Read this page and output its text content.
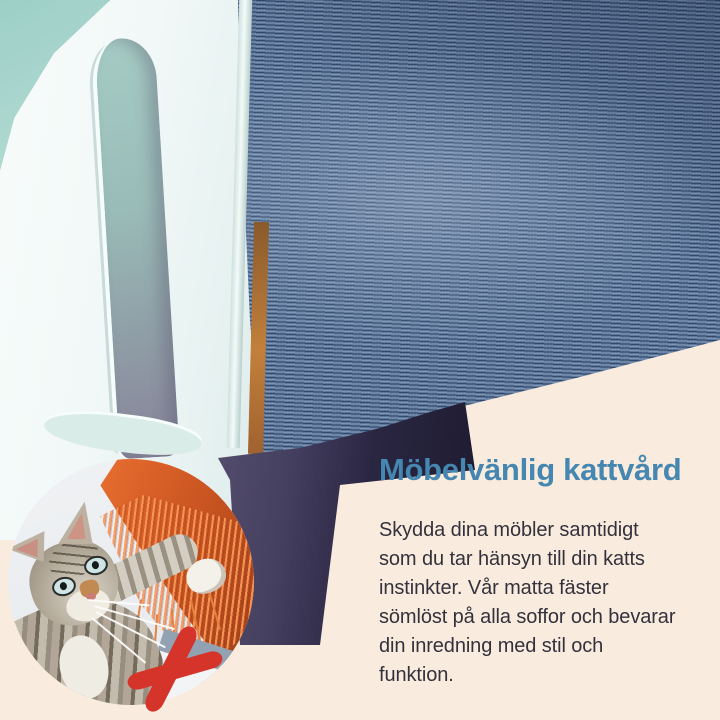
Möbelvänlig kattvård
Skydda dina möbler samtidigt
som du tar hänsyn till din katts
instinkter. Vår matta fäster
sömlöst på alla soffor och bevarar
din inredning med stil och
funktion.
